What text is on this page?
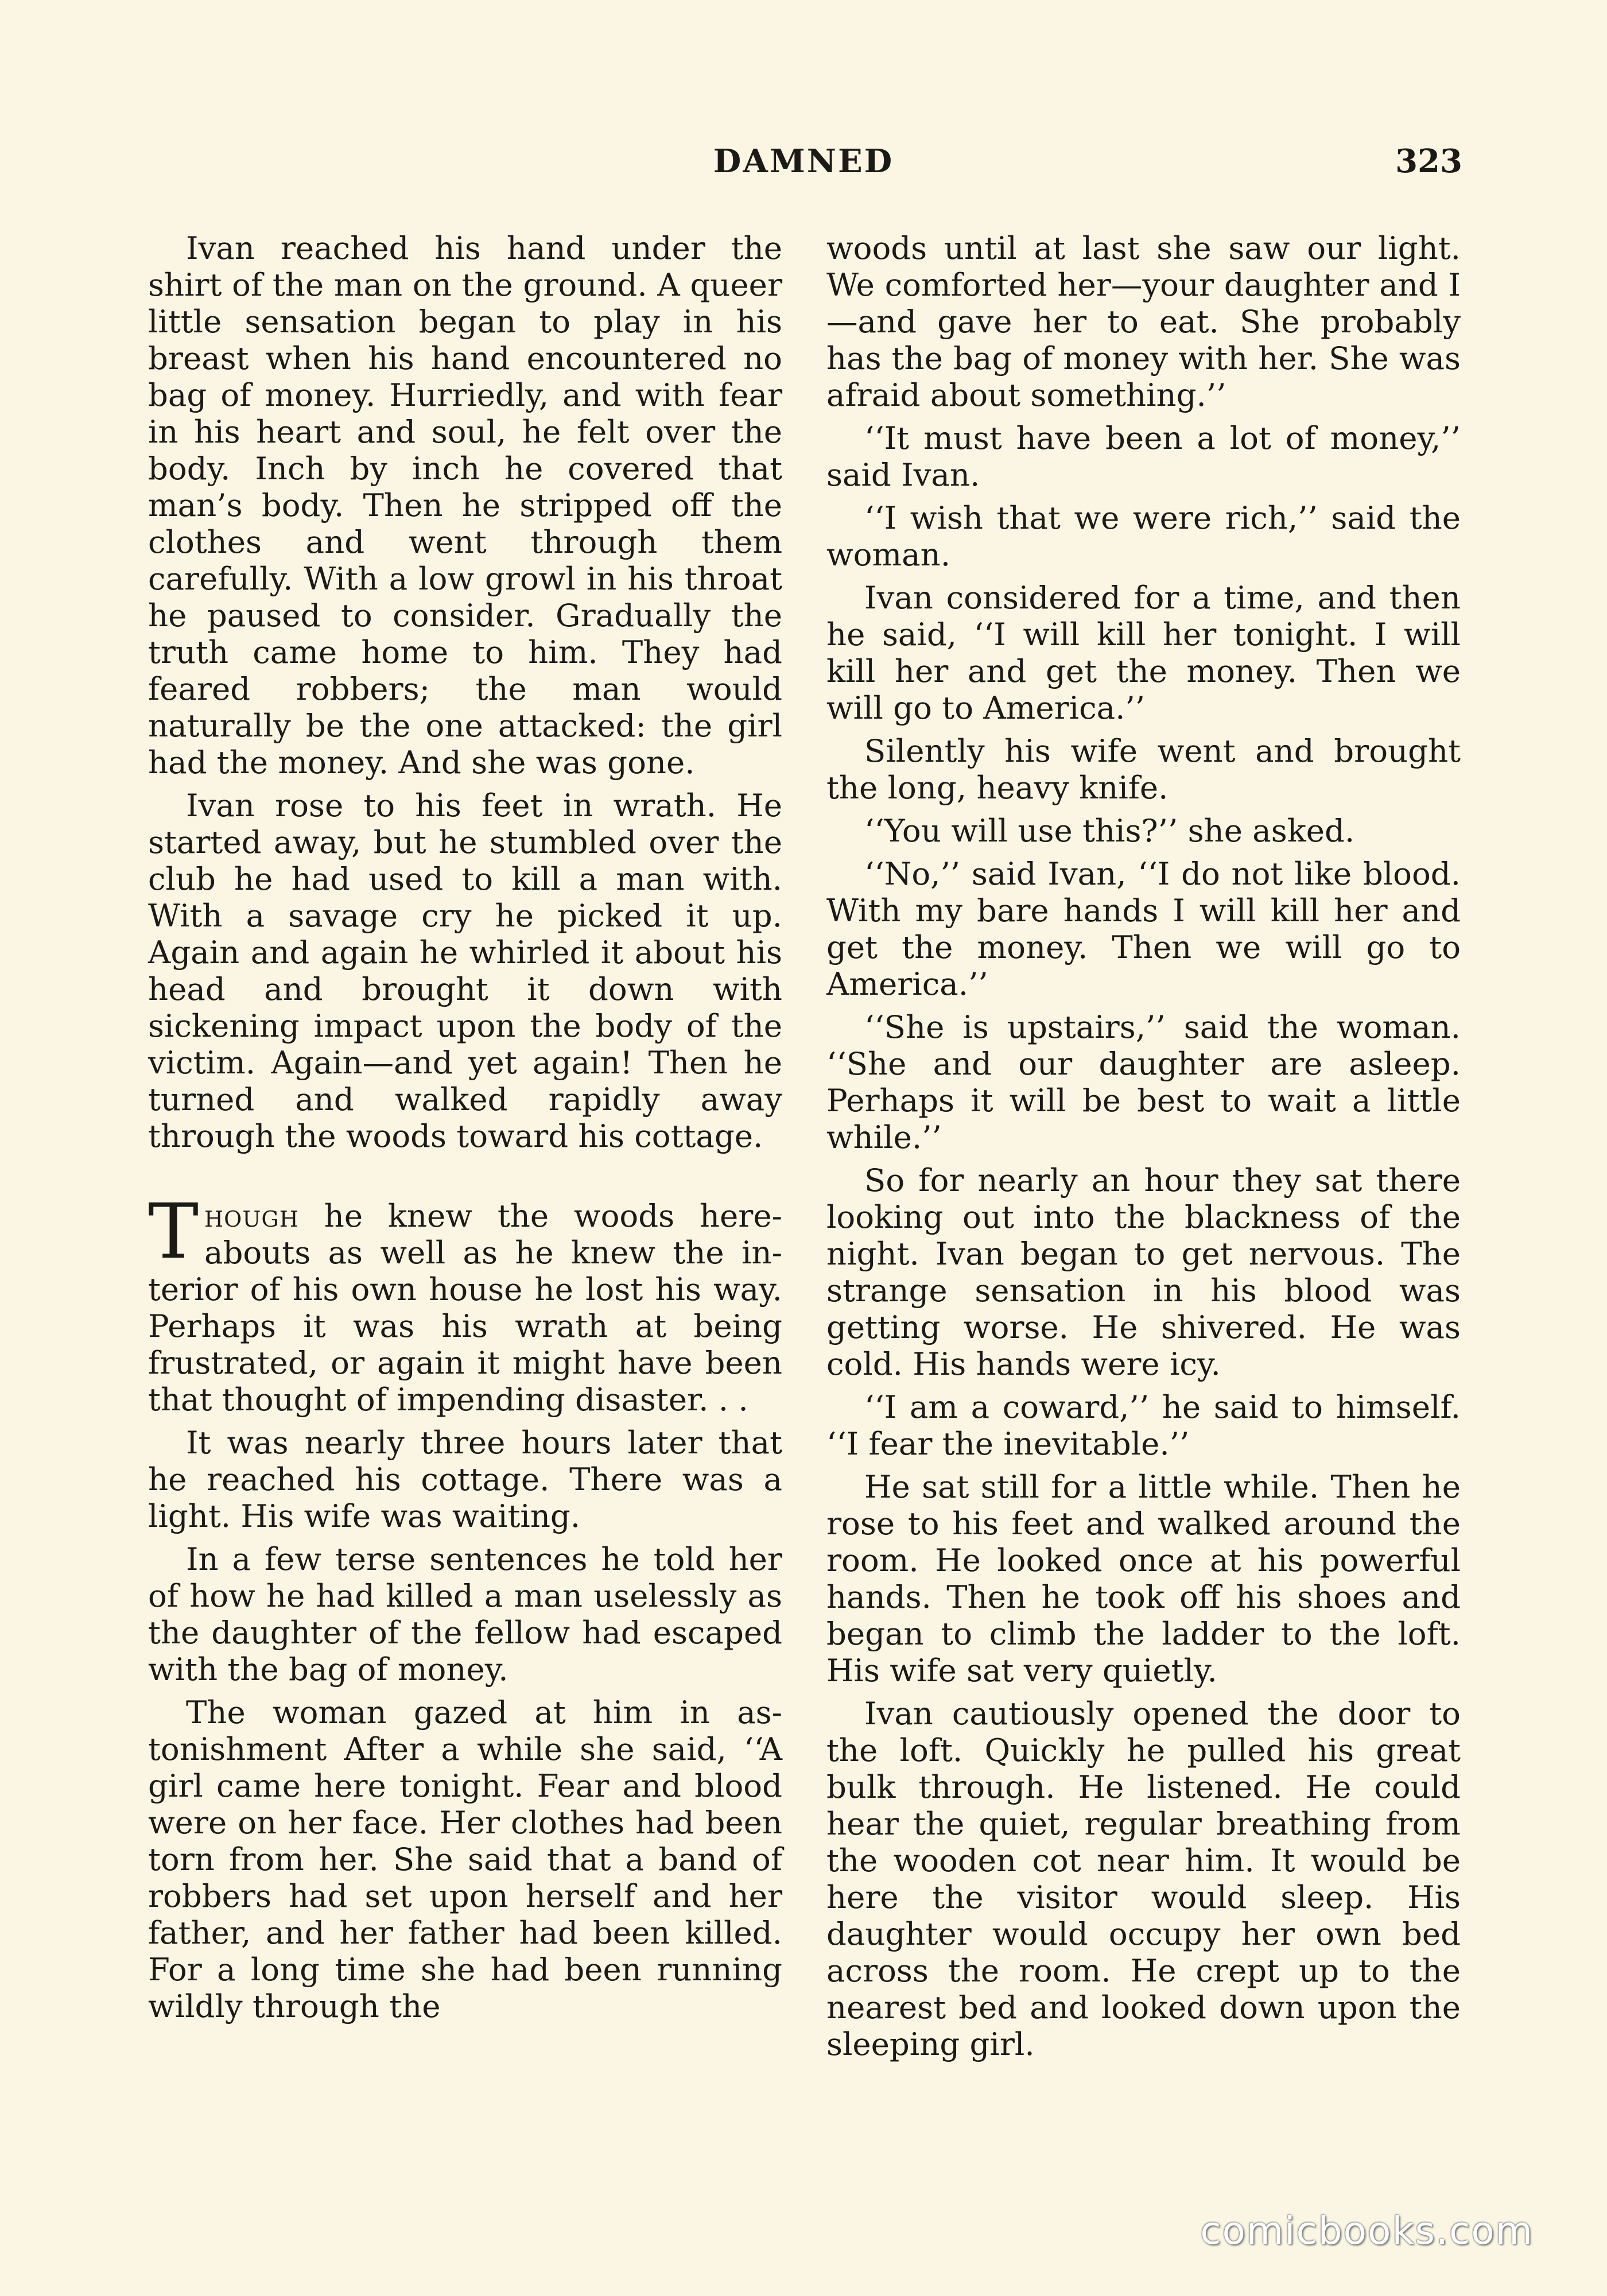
DAMNED	323

Ivan reached his hand under the shirt of the man on the ground. A queer little sensation began to play in his breast when his hand encountered no bag of money. Hurriedly, and with fear in his heart and soul, he felt over the body. Inch by inch he covered that man’s body. Then he stripped off the clothes and went through them carefully. With a low growl in his throat he paused to consider. Gradually the truth came home to him. They had feared robbers; the man would naturally be the one attacked: the girl had the money. And she was gone.

Ivan rose to his feet in wrath. He started away, but he stumbled over the club he had used to kill a man with. With a savage cry he picked it up. Again and again he whirled it about his head and brought it down with sickening impact upon the body of the victim. Again—and yet again! Then he turned and walked rapidly away through the woods toward his cottage.

Though he knew the woods hereabouts as well as he knew the interior of his own house he lost his way. Perhaps it was his wrath at being frustrated, or again it might have been that thought of impending disaster. . .

It was nearly three hours later that he reached his cottage. There was a light. His wife was waiting.

In a few terse sentences he told her of how he had killed a man uselessly as the daughter of the fellow had escaped with the bag of money.

The woman gazed at him in astonishment After a while she said, ‘‘A girl came here tonight. Fear and blood were on her face. Her clothes had been torn from her. She said that a band of robbers had set upon herself and her father, and her father had been killed. For a long time she had been running wildly through the

woods until at last she saw our light. We comforted her—your daughter and I—and gave her to eat. She probably has the bag of money with her. She was afraid about something.’’

‘‘It must have been a lot of money,’’ said Ivan.

‘‘I wish that we were rich,’’ said the woman.

Ivan considered for a time, and then he said, ‘‘I will kill her tonight. I will kill her and get the money. Then we will go to America.’’

Silently his wife went and brought the long, heavy knife.

‘‘You will use this?’’ she asked.

‘‘No,’’ said Ivan, ‘‘I do not like blood. With my bare hands I will kill her and get the money. Then we will go to America.’’

‘‘She is upstairs,’’ said the woman. ‘‘She and our daughter are asleep. Perhaps it will be best to wait a little while.’’

So for nearly an hour they sat there looking out into the blackness of the night. Ivan began to get nervous. The strange sensation in his blood was getting worse. He shivered. He was cold. His hands were icy.

‘‘I am a coward,’’ he said to himself. ‘‘I fear the inevitable.’’

He sat still for a little while. Then he rose to his feet and walked around the room. He looked once at his powerful hands. Then he took off his shoes and began to climb the ladder to the loft. His wife sat very quietly.

Ivan cautiously opened the door to the loft. Quickly he pulled his great bulk through. He listened. He could hear the quiet, regular breathing from the wooden cot near him. It would be here the visitor would sleep. His daughter would occupy her own bed across the room. He crept up to the nearest bed and looked down upon the sleeping girl.

comicbooks.com
